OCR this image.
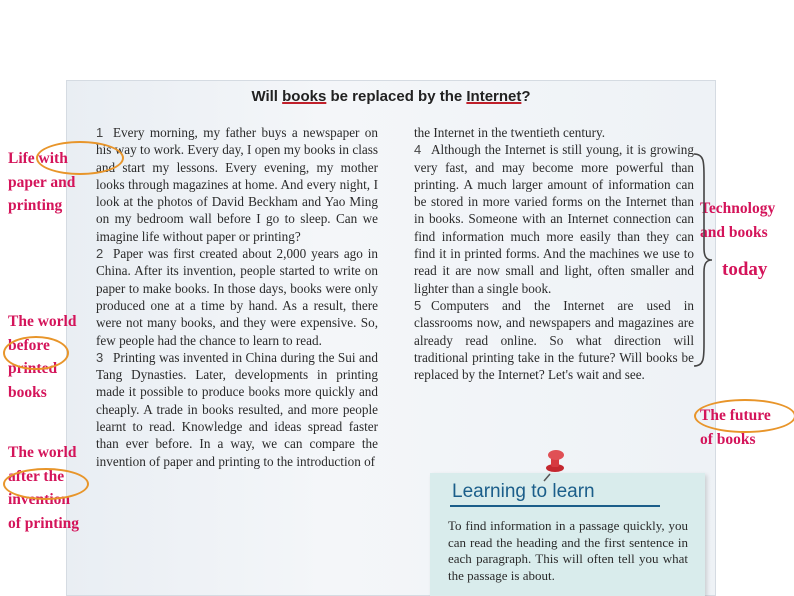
Will books be replaced by the Internet?

1 Every morning, my father buys a newspaper on his way to work. Every day, I open my books in class and start my lessons. Every evening, my mother looks through magazines at home. And every night, I look at the photos of David Beckham and Yao Ming on my bedroom wall before I go to sleep. Can we imagine life without paper or printing?

2 Paper was first created about 2,000 years ago in China. After its invention, people started to write on paper to make books. In those days, books were only produced one at a time by hand. As a result, there were not many books, and they were expensive. So, few people had the chance to learn to read.

3 Printing was invented in China during the Sui and Tang Dynasties. Later, developments in printing made it possible to produce books more quickly and cheaply. A trade in books resulted, and more people learnt to read. Knowledge and ideas spread faster than ever before. In a way, we can compare the invention of paper and printing to the introduction of

the Internet in the twentieth century.

4 Although the Internet is still young, it is growing very fast, and may become more powerful than printing. A much larger amount of information can be stored in more varied forms on the Internet than in books. Someone with an Internet connection can find information much more easily than they can find it in printed forms. And the machines we use to read it are now small and light, often smaller and lighter than a single book.

5 Computers and the Internet are used in classrooms now, and newspapers and magazines are already read online. So what direction will traditional printing take in the future? Will books be replaced by the Internet? Let's wait and see.

Learning to learn
To find information in a passage quickly, you can read the heading and the first sentence in each paragraph. This will often tell you what the passage is about.
Life with
paper and
printing
The world
before
printed
books
The world
after the
invention
of printing
Technology
and books
today
The future
of books
